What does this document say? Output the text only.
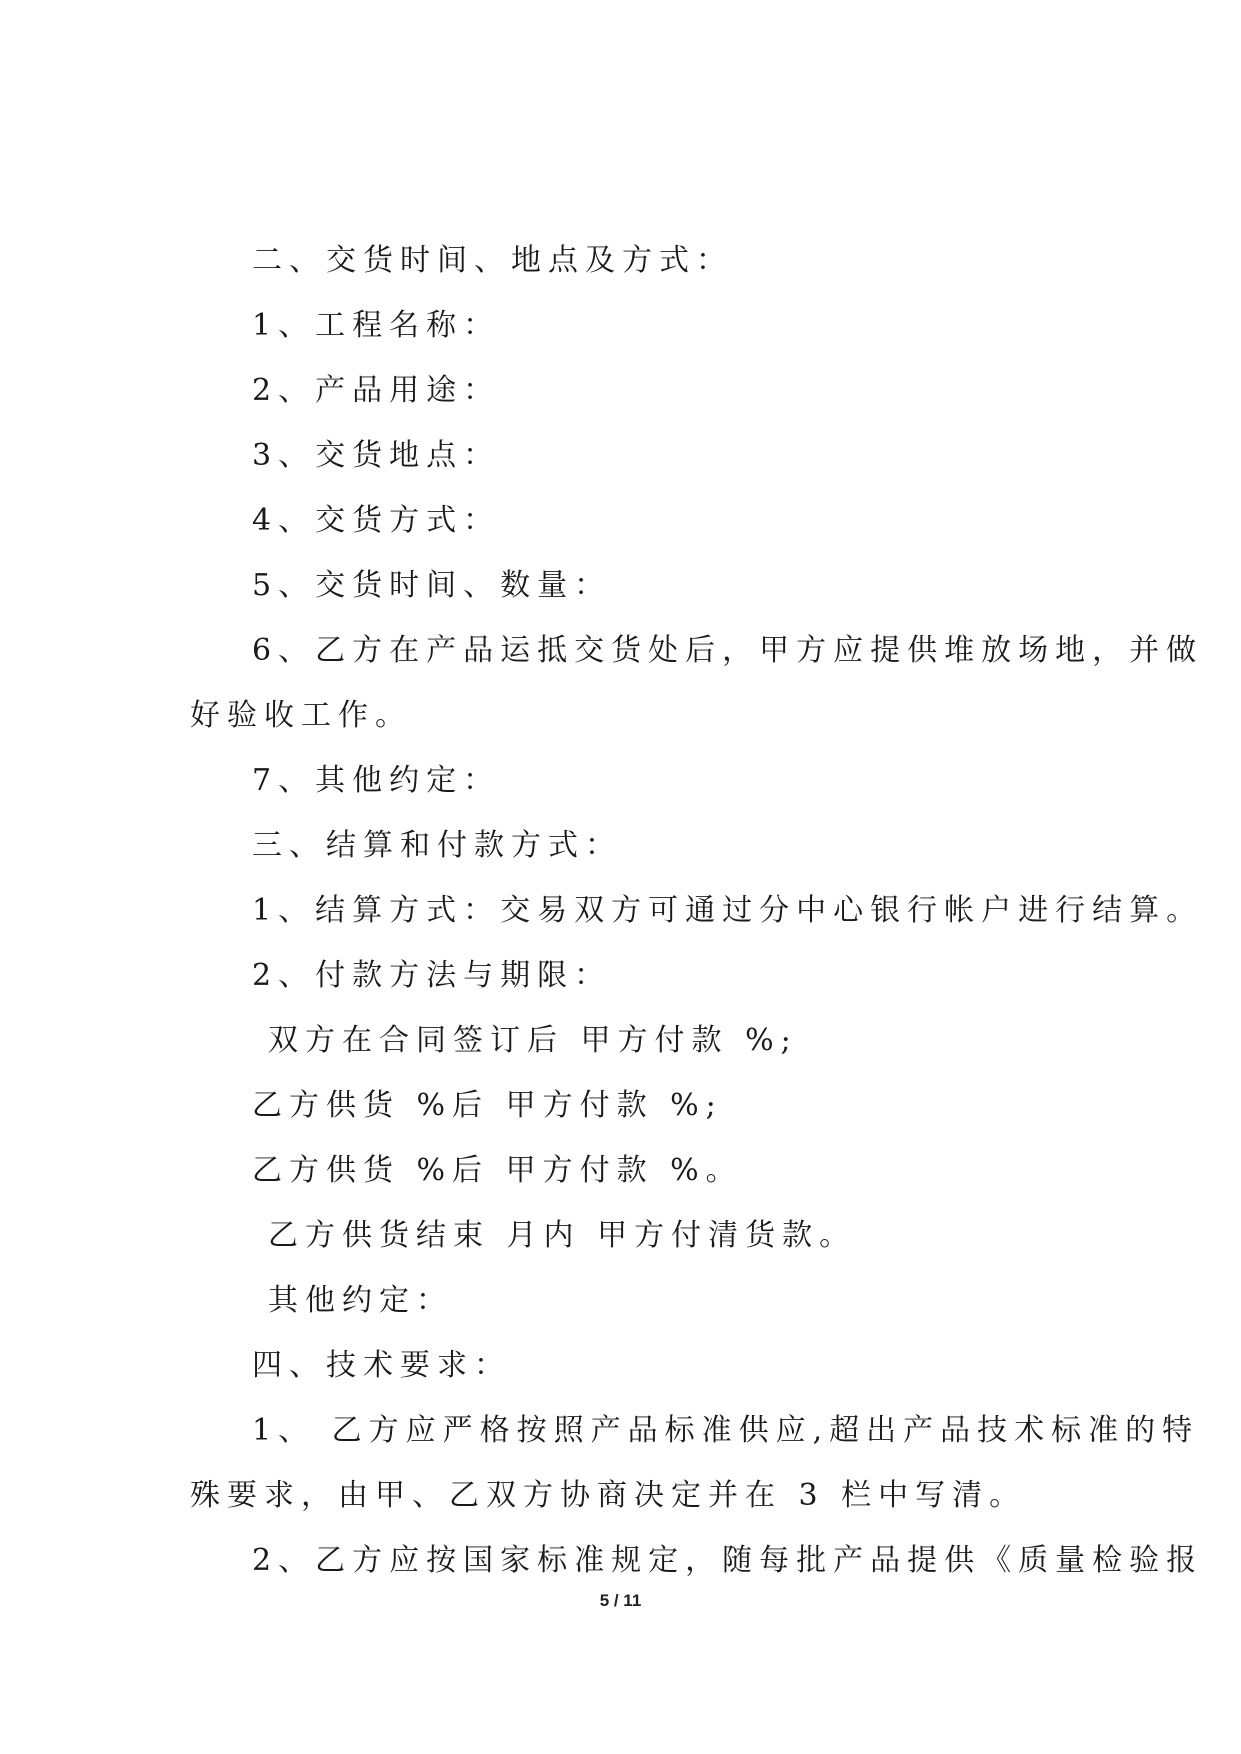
二、交货时间、地点及方式：
1、工程名称：
2、产品用途：
3、交货地点：
4、交货方式：
5、交货时间、数量：
6、乙方在产品运抵交货处后，甲方应提供堆放场地，并做
好验收工作。
7、其他约定：
三、结算和付款方式：
1、结算方式：交易双方可通过分中心银行帐户进行结算。
2、付款方法与期限：
双方在合同签订后 甲方付款 %;
乙方供货 %后 甲方付款 %;
乙方供货 %后 甲方付款 %。
乙方供货结束 月内 甲方付清货款。
其他约定：
四、技术要求：
1、 乙方应严格按照产品标准供应,超出产品技术标准的特
殊要求，由甲、乙双方协商决定并在 3 栏中写清。
2、乙方应按国家标准规定，随每批产品提供《质量检验报
5 / 11
